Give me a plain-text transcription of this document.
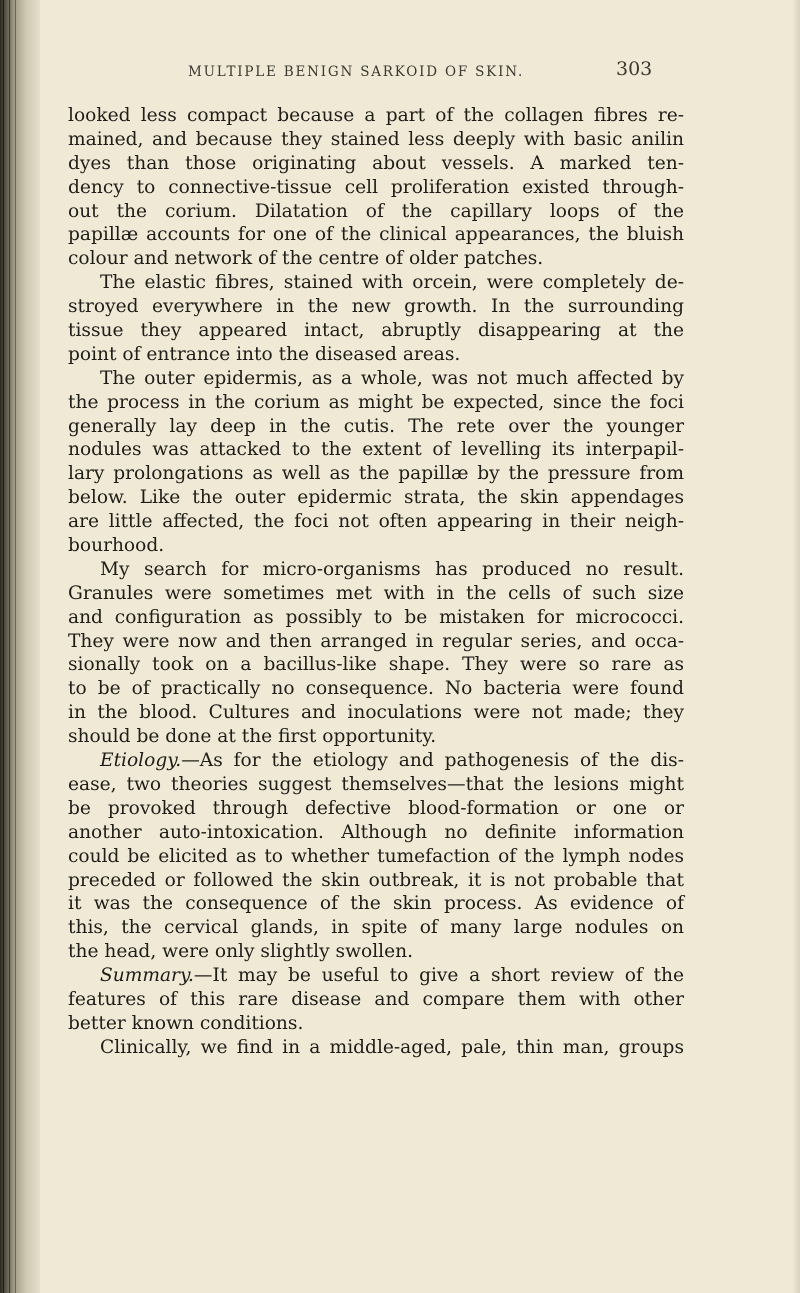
MULTIPLE BENIGN SARKOID OF SKIN.	303
looked less compact because a part of the collagen fibres re-
mained, and because they stained less deeply with basic anilin
dyes than those originating about vessels. A marked ten-
dency to connective-tissue cell proliferation existed through-
out the corium. Dilatation of the capillary loops of the
papillæ accounts for one of the clinical appearances, the bluish
colour and network of the centre of older patches.
The elastic fibres, stained with orcein, were completely de-
stroyed everywhere in the new growth. In the surrounding
tissue they appeared intact, abruptly disappearing at the
point of entrance into the diseased areas.
The outer epidermis, as a whole, was not much affected by
the process in the corium as might be expected, since the foci
generally lay deep in the cutis. The rete over the younger
nodules was attacked to the extent of levelling its interpapil-
lary prolongations as well as the papillæ by the pressure from
below. Like the outer epidermic strata, the skin appendages
are little affected, the foci not often appearing in their neigh-
bourhood.
My search for micro-organisms has produced no result.
Granules were sometimes met with in the cells of such size
and configuration as possibly to be mistaken for micrococci.
They were now and then arranged in regular series, and occa-
sionally took on a bacillus-like shape. They were so rare as
to be of practically no consequence. No bacteria were found
in the blood. Cultures and inoculations were not made; they
should be done at the first opportunity.
Etiology.—As for the etiology and pathogenesis of the dis-
ease, two theories suggest themselves—that the lesions might
be provoked through defective blood-formation or one or
another auto-intoxication. Although no definite information
could be elicited as to whether tumefaction of the lymph nodes
preceded or followed the skin outbreak, it is not probable that
it was the consequence of the skin process. As evidence of
this, the cervical glands, in spite of many large nodules on
the head, were only slightly swollen.
Summary.—It may be useful to give a short review of the
features of this rare disease and compare them with other
better known conditions.
Clinically, we find in a middle-aged, pale, thin man, groups
